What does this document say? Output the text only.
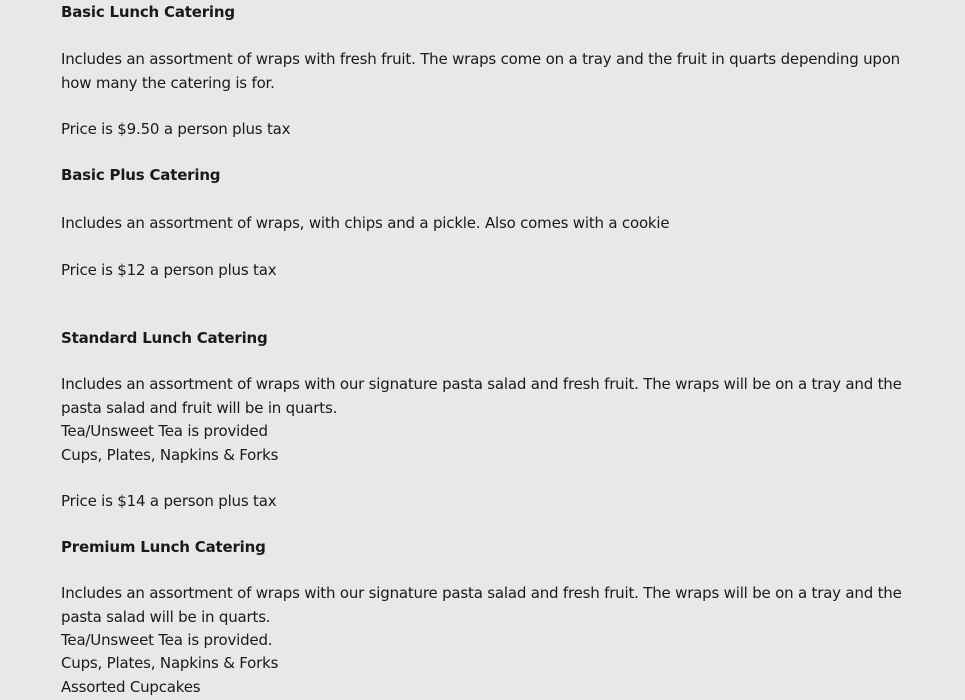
Basic Lunch Catering
Includes an assortment of wraps with fresh fruit. The wraps come on a tray and the fruit in quarts depending upon how many the catering is for.
Price is $9.50 a person plus tax
Basic Plus Catering
Includes an assortment of wraps, with chips and a pickle. Also comes with a cookie
Price is $12 a person plus tax
Standard Lunch Catering
Includes an assortment of wraps with our signature pasta salad and fresh fruit. The wraps will be on a tray and the pasta salad and fruit will be in quarts.
Tea/Unsweet Tea is provided
Cups, Plates, Napkins & Forks
Price is $14 a person plus tax
Premium Lunch Catering
Includes an assortment of wraps with our signature pasta salad and fresh fruit. The wraps will be on a tray and the pasta salad will be in quarts.
Tea/Unsweet Tea is provided.
Cups, Plates, Napkins & Forks
Assorted Cupcakes
